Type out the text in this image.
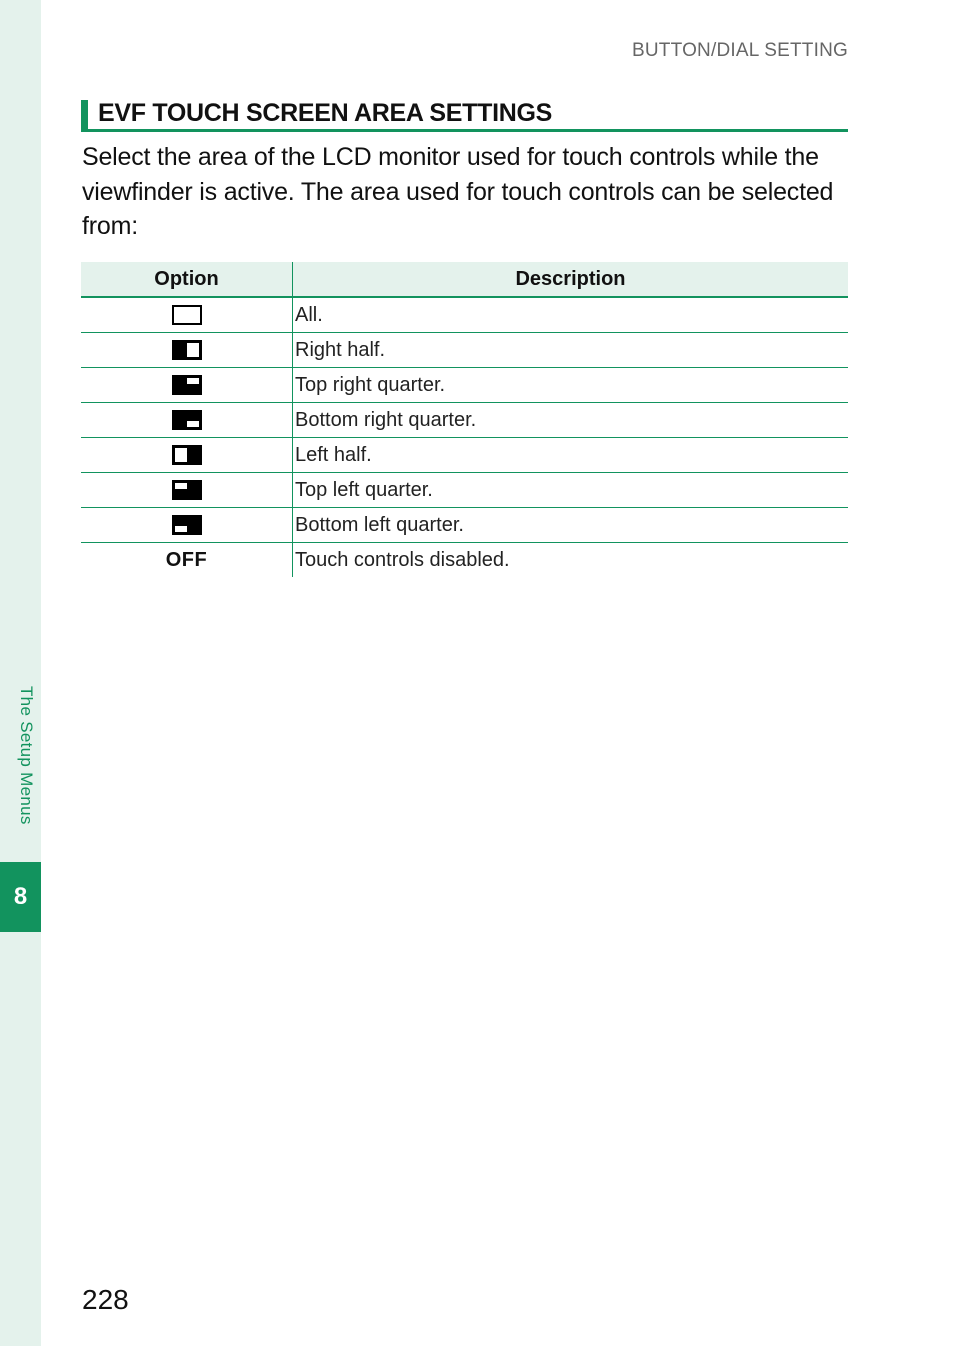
The Setup Menus
8
BUTTON/DIAL SETTING
EVF TOUCH SCREEN AREA SETTINGS

Select the area of the LCD monitor used for touch controls while the viewfinder is active. The area used for touch controls can be selected from:

Option	Description
	All.
	Right half.
	Top right quarter.
	Bottom right quarter.
	Left half.
	Top left quarter.
	Bottom left quarter.
OFF	Touch controls disabled.
228
